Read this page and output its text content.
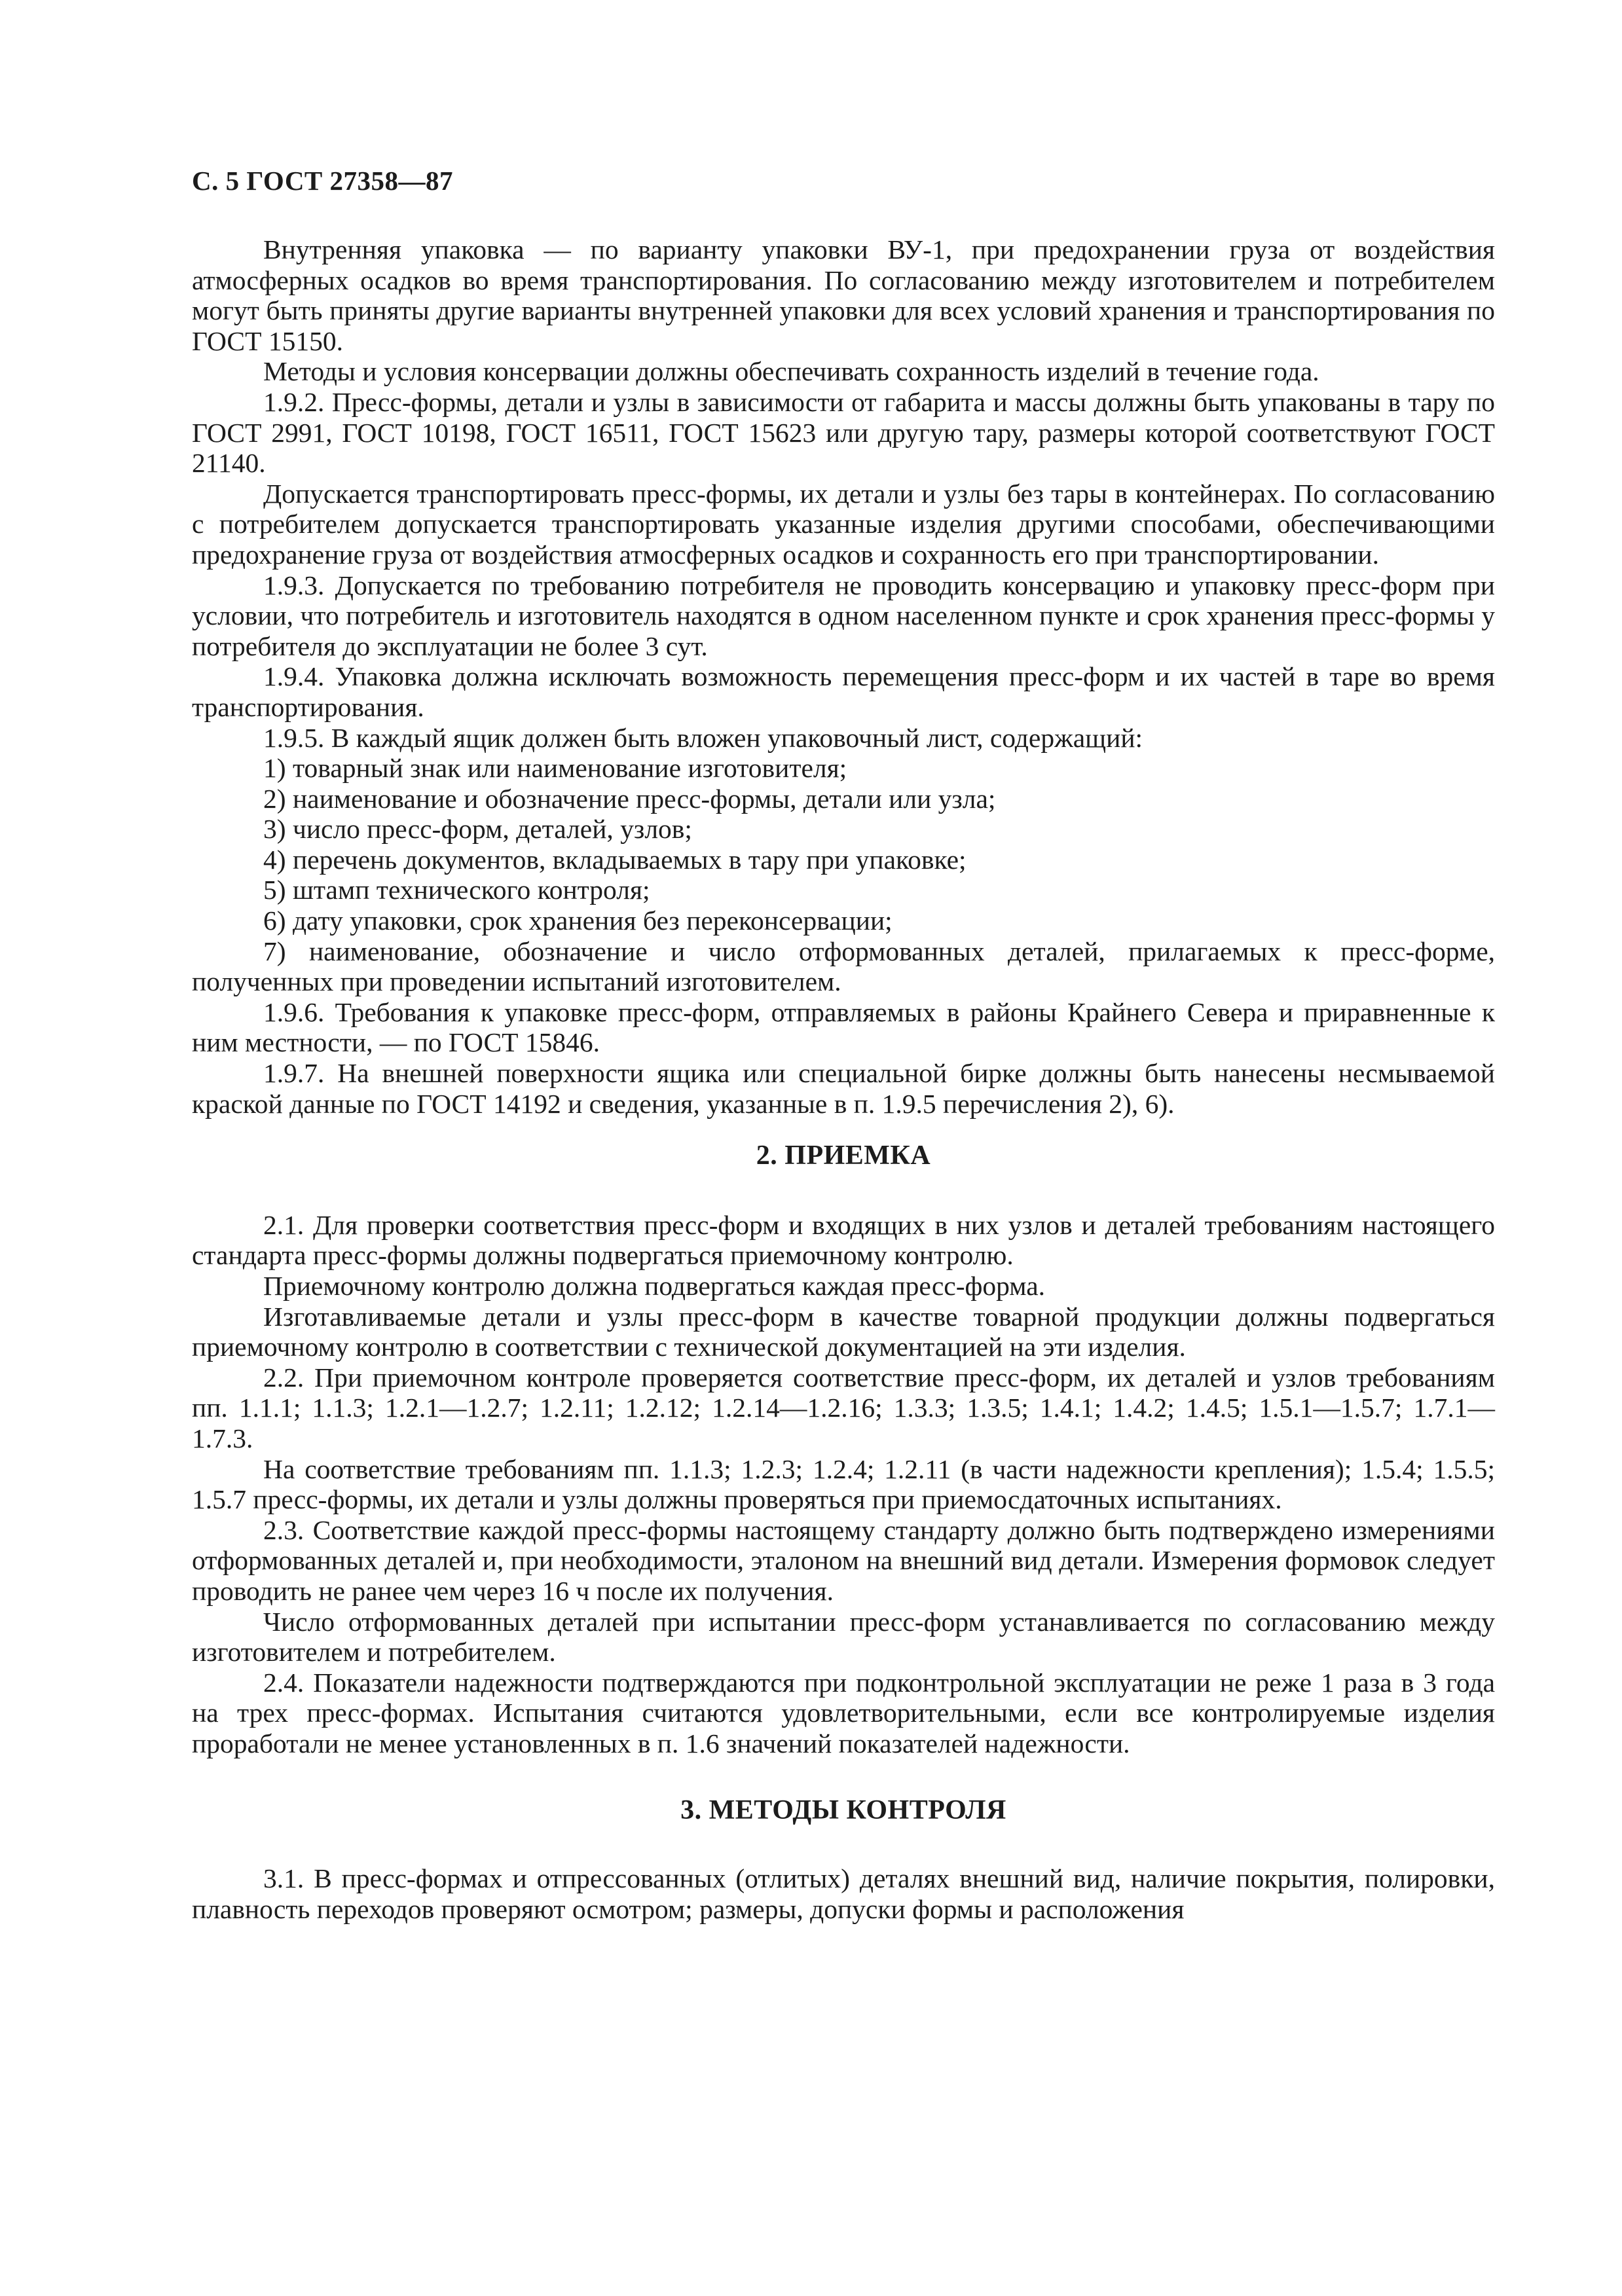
С. 5 ГОСТ 27358—87

Внутренняя упаковка — по варианту упаковки ВУ-1, при предохранении груза от воздействия атмосферных осадков во время транспортирования. По согласованию между изготовителем и потребителем могут быть приняты другие варианты внутренней упаковки для всех условий хранения и транспортирования по ГОСТ 15150.

Методы и условия консервации должны обеспечивать сохранность изделий в течение года.

1.9.2. Пресс-формы, детали и узлы в зависимости от габарита и массы должны быть упакованы в тару по ГОСТ 2991, ГОСТ 10198, ГОСТ 16511, ГОСТ 15623 или другую тару, размеры которой соответствуют ГОСТ 21140.

Допускается транспортировать пресс-формы, их детали и узлы без тары в контейнерах. По согласованию с потребителем допускается транспортировать указанные изделия другими способами, обеспечивающими предохранение груза от воздействия атмосферных осадков и сохранность его при транспортировании.

1.9.3. Допускается по требованию потребителя не проводить консервацию и упаковку пресс-форм при условии, что потребитель и изготовитель находятся в одном населенном пункте и срок хранения пресс-формы у потребителя до эксплуатации не более 3 сут.

1.9.4. Упаковка должна исключать возможность перемещения пресс-форм и их частей в таре во время транспортирования.

1.9.5. В каждый ящик должен быть вложен упаковочный лист, содержащий:

1) товарный знак или наименование изготовителя;

2) наименование и обозначение пресс-формы, детали или узла;

3) число пресс-форм, деталей, узлов;

4) перечень документов, вкладываемых в тару при упаковке;

5) штамп технического контроля;

6) дату упаковки, срок хранения без переконсервации;

7) наименование, обозначение и число отформованных деталей, прилагаемых к пресс-форме, полученных при проведении испытаний изготовителем.

1.9.6. Требования к упаковке пресс-форм, отправляемых в районы Крайнего Севера и приравненные к ним местности, — по ГОСТ 15846.

1.9.7. На внешней поверхности ящика или специальной бирке должны быть нанесены несмываемой краской данные по ГОСТ 14192 и сведения, указанные в п. 1.9.5 перечисления 2), 6).

2. ПРИЕМКА

2.1. Для проверки соответствия пресс-форм и входящих в них узлов и деталей требованиям настоящего стандарта пресс-формы должны подвергаться приемочному контролю.

Приемочному контролю должна подвергаться каждая пресс-форма.

Изготавливаемые детали и узлы пресс-форм в качестве товарной продукции должны подвергаться приемочному контролю в соответствии с технической документацией на эти изделия.

2.2. При приемочном контроле проверяется соответствие пресс-форм, их деталей и узлов требованиям пп. 1.1.1; 1.1.3; 1.2.1—1.2.7; 1.2.11; 1.2.12; 1.2.14—1.2.16; 1.3.3; 1.3.5; 1.4.1; 1.4.2; 1.4.5; 1.5.1—1.5.7; 1.7.1—1.7.3.

На соответствие требованиям пп. 1.1.3; 1.2.3; 1.2.4; 1.2.11 (в части надежности крепления); 1.5.4; 1.5.5; 1.5.7 пресс-формы, их детали и узлы должны проверяться при приемосдаточных испытаниях.

2.3. Соответствие каждой пресс-формы настоящему стандарту должно быть подтверждено измерениями отформованных деталей и, при необходимости, эталоном на внешний вид детали. Измерения формовок следует проводить не ранее чем через 16 ч после их получения.

Число отформованных деталей при испытании пресс-форм устанавливается по согласованию между изготовителем и потребителем.

2.4. Показатели надежности подтверждаются при подконтрольной эксплуатации не реже 1 раза в 3 года на трех пресс-формах. Испытания считаются удовлетворительными, если все контролируемые изделия проработали не менее установленных в п. 1.6 значений показателей надежности.

3. МЕТОДЫ КОНТРОЛЯ

3.1. В пресс-формах и отпрессованных (отлитых) деталях внешний вид, наличие покрытия, полировки, плавность переходов проверяют осмотром; размеры, допуски формы и расположения
